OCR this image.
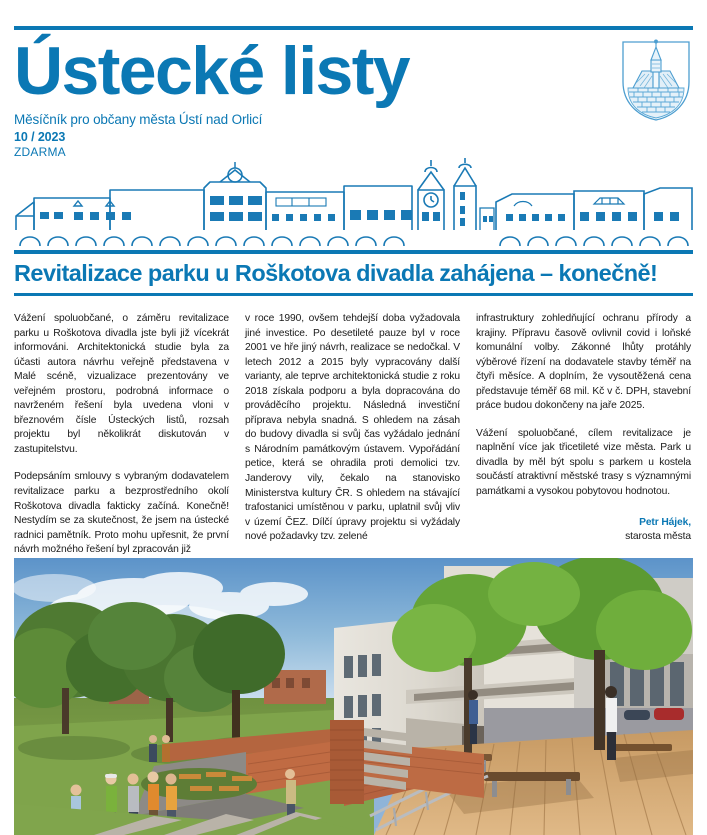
Ústecké listy
Měsíčník pro občany města Ústí nad Orlicí
10 / 2023
ZDARMA
Revitalizace parku u Roškotova divadla zahájena – konečně!

Vážení spoluobčané, o záměru revitalizace parku u Roškotova divadla jste byli již vícekrát informováni. Architektonická studie byla za účasti autora návrhu veřejně představena v Malé scéně, vizualizace prezentovány ve veřejném prostoru, podrobná informace o navrženém řešení byla uvedena vloni v březnovém čísle Ústeckých listů, rozsah projektu byl několikrát diskutován v zastupitelstvu.

Podepsáním smlouvy s vybraným dodavatelem revitalizace parku a bezprostředního okolí Roškotova divadla fakticky začíná. Konečně! Nestydím se za skutečnost, že jsem na ústecké radnici pamětník. Proto mohu upřesnit, že první návrh možného řešení byl zpracován již

v roce 1990, ovšem tehdejší doba vyžadovala jiné investice. Po desetileté pauze byl v roce 2001 ve hře jiný návrh, realizace se nedočkal. V letech 2012 a 2015 byly vypracovány další varianty, ale teprve architektonická studie z roku 2018 získala podporu a byla dopracována do prováděcího projektu. Následná investiční příprava nebyla snadná. S ohledem na zásah do budovy divadla si svůj čas vyžádalo jednání s Národním památkovým ústavem. Vypořádání petice, která se ohradila proti demolici tzv. Janderovy vily, čekalo na stanovisko Ministerstva kultury ČR. S ohledem na stávající trafostanici umístěnou v parku, uplatnil svůj vliv v území ČEZ. Dílčí úpravy projektu si vyžádaly nové požadavky tzv. zelené

infrastruktury zohledňující ochranu přírody a krajiny. Přípravu časově ovlivnil covid i loňské komunální volby. Zákonné lhůty protáhly výběrové řízení na dodavatele stavby téměř na čtyři měsíce. A doplním, že vysoutěžená cena představuje téměř 68 mil. Kč v č. DPH, stavební práce budou dokončeny na jaře 2025.

Vážení spoluobčané, cílem revitalizace je naplnění více jak třicetileté vize města. Park u divadla by měl být spolu s parkem u kostela součástí atraktivní městské trasy s významnými památkami a vysokou pobytovou hodnotou.

Petr Hájek,
starosta města
